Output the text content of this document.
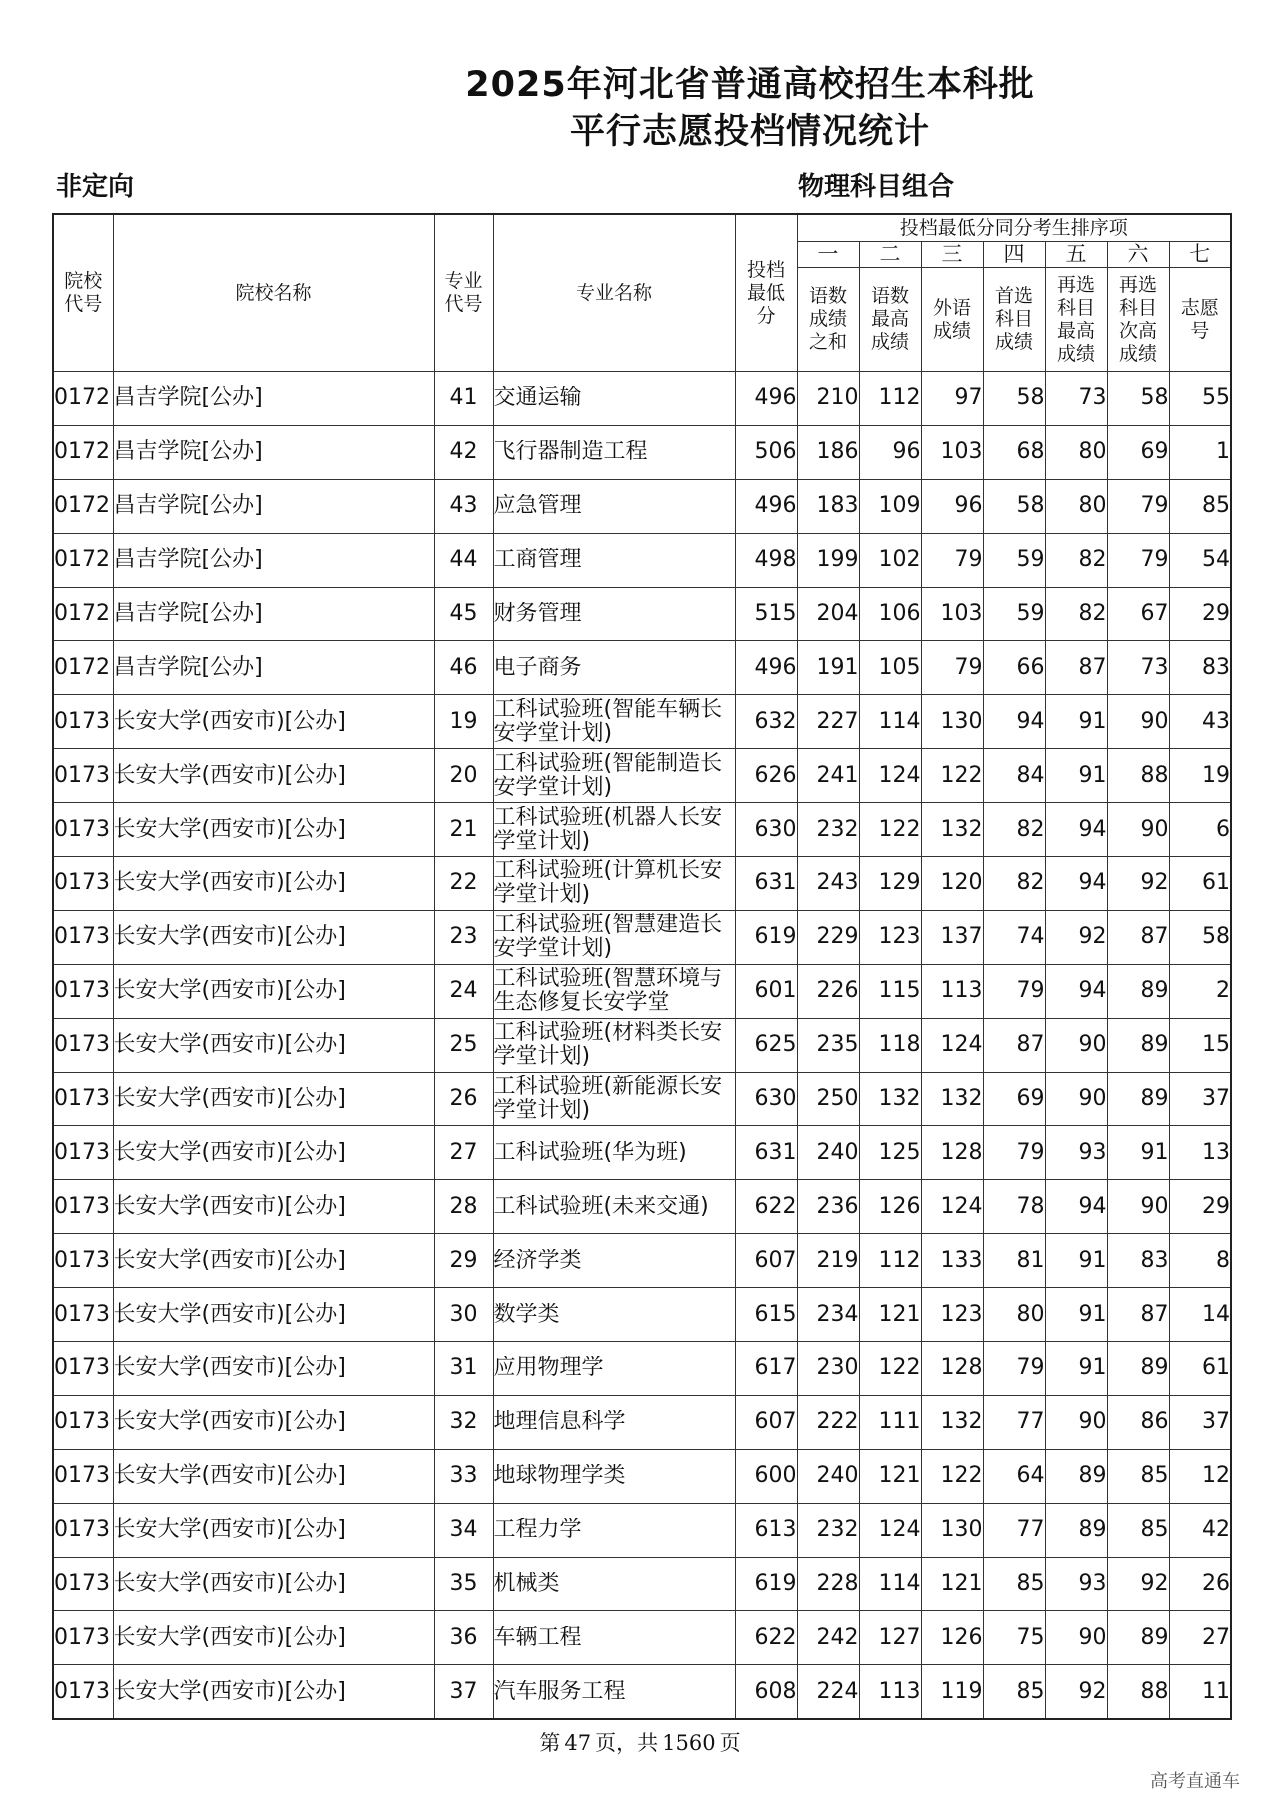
2025年河北省普通高校招生本科批
平行志愿投档情况统计
非定向	物理科目组合
院校代号	院校名称	专业代号	专业名称	投档最低分	投档最低分同分考生排序项						
					一	二	三	四	五	六	七

					语数成绩之和	语数最高成绩	外语成绩	首选科目成绩	再选科目最高成绩	再选科目次高成绩	志愿号

0172	昌吉学院[公办]	41	交通运输	496	210	112	97	58	73	58	55
0172	昌吉学院[公办]	42	飞行器制造工程	506	186	96	103	68	80	69	1
0172	昌吉学院[公办]	43	应急管理	496	183	109	96	58	80	79	85
0172	昌吉学院[公办]	44	工商管理	498	199	102	79	59	82	79	54
0172	昌吉学院[公办]	45	财务管理	515	204	106	103	59	82	67	29
0172	昌吉学院[公办]	46	电子商务	496	191	105	79	66	87	73	83
0173	长安大学(西安市)[公办]	19	工科试验班(智能车辆长安学堂计划)	632	227	114	130	94	91	90	43
0173	长安大学(西安市)[公办]	20	工科试验班(智能制造长安学堂计划)	626	241	124	122	84	91	88	19
0173	长安大学(西安市)[公办]	21	工科试验班(机器人长安学堂计划)	630	232	122	132	82	94	90	6
0173	长安大学(西安市)[公办]	22	工科试验班(计算机长安学堂计划)	631	243	129	120	82	94	92	61
0173	长安大学(西安市)[公办]	23	工科试验班(智慧建造长安学堂计划)	619	229	123	137	74	92	87	58
0173	长安大学(西安市)[公办]	24	工科试验班(智慧环境与生态修复长安学堂	601	226	115	113	79	94	89	2
0173	长安大学(西安市)[公办]	25	工科试验班(材料类长安学堂计划)	625	235	118	124	87	90	89	15
0173	长安大学(西安市)[公办]	26	工科试验班(新能源长安学堂计划)	630	250	132	132	69	90	89	37
0173	长安大学(西安市)[公办]	27	工科试验班(华为班)	631	240	125	128	79	93	91	13
0173	长安大学(西安市)[公办]	28	工科试验班(未来交通)	622	236	126	124	78	94	90	29
0173	长安大学(西安市)[公办]	29	经济学类	607	219	112	133	81	91	83	8
0173	长安大学(西安市)[公办]	30	数学类	615	234	121	123	80	91	87	14
0173	长安大学(西安市)[公办]	31	应用物理学	617	230	122	128	79	91	89	61
0173	长安大学(西安市)[公办]	32	地理信息科学	607	222	111	132	77	90	86	37
0173	长安大学(西安市)[公办]	33	地球物理学类	600	240	121	122	64	89	85	12
0173	长安大学(西安市)[公办]	34	工程力学	613	232	124	130	77	89	85	42
0173	长安大学(西安市)[公办]	35	机械类	619	228	114	121	85	93	92	26
0173	长安大学(西安市)[公办]	36	车辆工程	622	242	127	126	75	90	89	27
0173	长安大学(西安市)[公办]	37	汽车服务工程	608	224	113	119	85	92	88	11
第 47 页，共 1560 页
高考直通车
